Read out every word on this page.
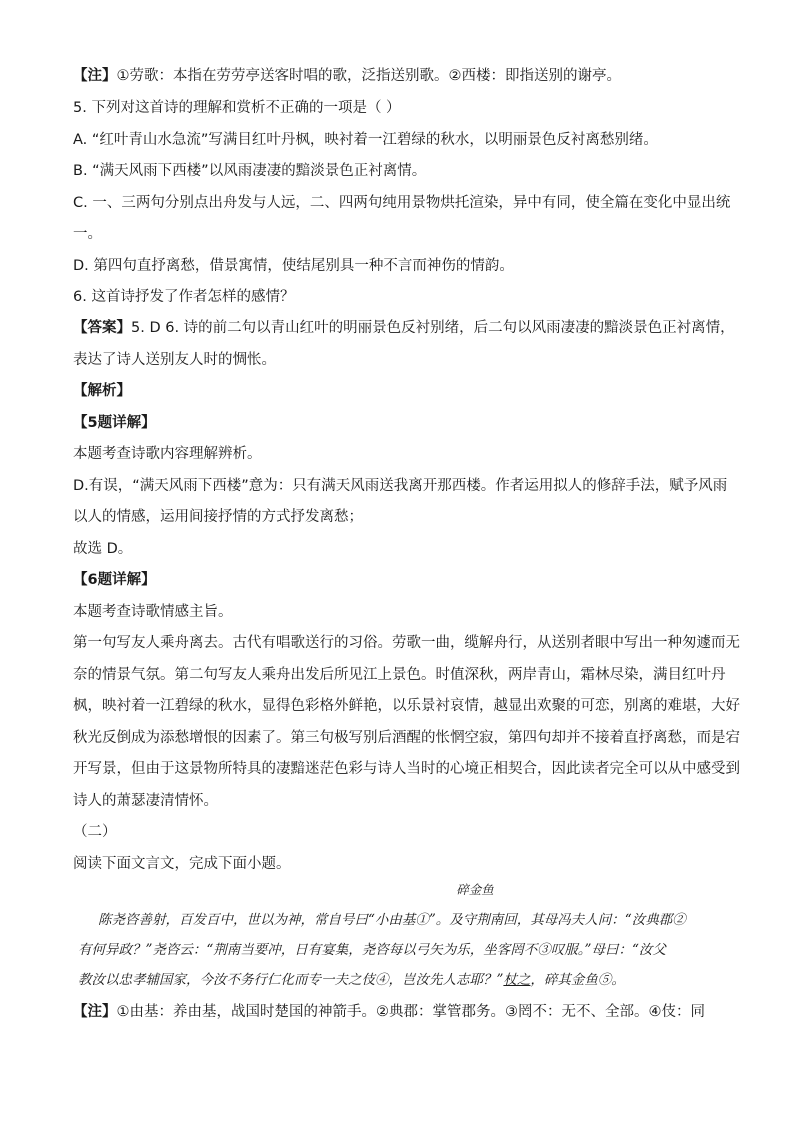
【注】①劳歌：本指在劳劳亭送客时唱的歌，泛指送别歌。②西楼：即指送别的谢亭。
5. 下列对这首诗的理解和赏析不正确的一项是（ ）
A. “红叶青山水急流”写满目红叶丹枫，映衬着一江碧绿的秋水，以明丽景色反衬离愁别绪。
B. “满天风雨下西楼”以风雨凄凄的黯淡景色正衬离情。
C. 一、三两句分别点出舟发与人远，二、四两句纯用景物烘托渲染，异中有同，使全篇在变化中显出统
一。
D. 第四句直抒离愁，借景寓情，使结尾别具一种不言而神伤的情韵。
6. 这首诗抒发了作者怎样的感情？
【答案】5. D 6. 诗的前二句以青山红叶的明丽景色反衬别绪，后二句以风雨凄凄的黯淡景色正衬离情，
表达了诗人送别友人时的惆怅。
【解析】
【5题详解】
本题考查诗歌内容理解辨析。
D.有误，“满天风雨下西楼”意为：只有满天风雨送我离开那西楼。作者运用拟人的修辞手法，赋予风雨
以人的情感，运用间接抒情的方式抒发离愁；
故选 D。
【6题详解】
本题考查诗歌情感主旨。
第一句写友人乘舟离去。古代有唱歌送行的习俗。劳歌一曲，缆解舟行，从送别者眼中写出一种匆遽而无
奈的情景气氛。第二句写友人乘舟出发后所见江上景色。时值深秋，两岸青山，霜林尽染，满目红叶丹
枫，映衬着一江碧绿的秋水，显得色彩格外鲜艳，以乐景衬哀情，越显出欢聚的可恋，别离的难堪，大好
秋光反倒成为添愁增恨的因素了。第三句极写别后酒醒的怅惘空寂，第四句却并不接着直抒离愁，而是宕
开写景，但由于这景物所特具的凄黯迷茫色彩与诗人当时的心境正相契合，因此读者完全可以从中感受到
诗人的萧瑟凄清情怀。
（二）
阅读下面文言文，完成下面小题。
碎金鱼
陈尧咨善射，百发百中，世以为神，常自号曰“小由基①”。及守荆南回，其母冯夫人问：“汝典郡②
有何异政？”尧咨云：“荆南当要冲，日有宴集，尧咨每以弓矢为乐，坐客罔不③叹服。”母曰：“汝父
教汝以忠孝辅国家，今汝不务行仁化而专一夫之伎④，岂汝先人志耶？”杖之，碎其金鱼⑤。
【注】①由基：养由基，战国时楚国的神箭手。②典郡：掌管郡务。③罔不：无不、全部。④伎：同
